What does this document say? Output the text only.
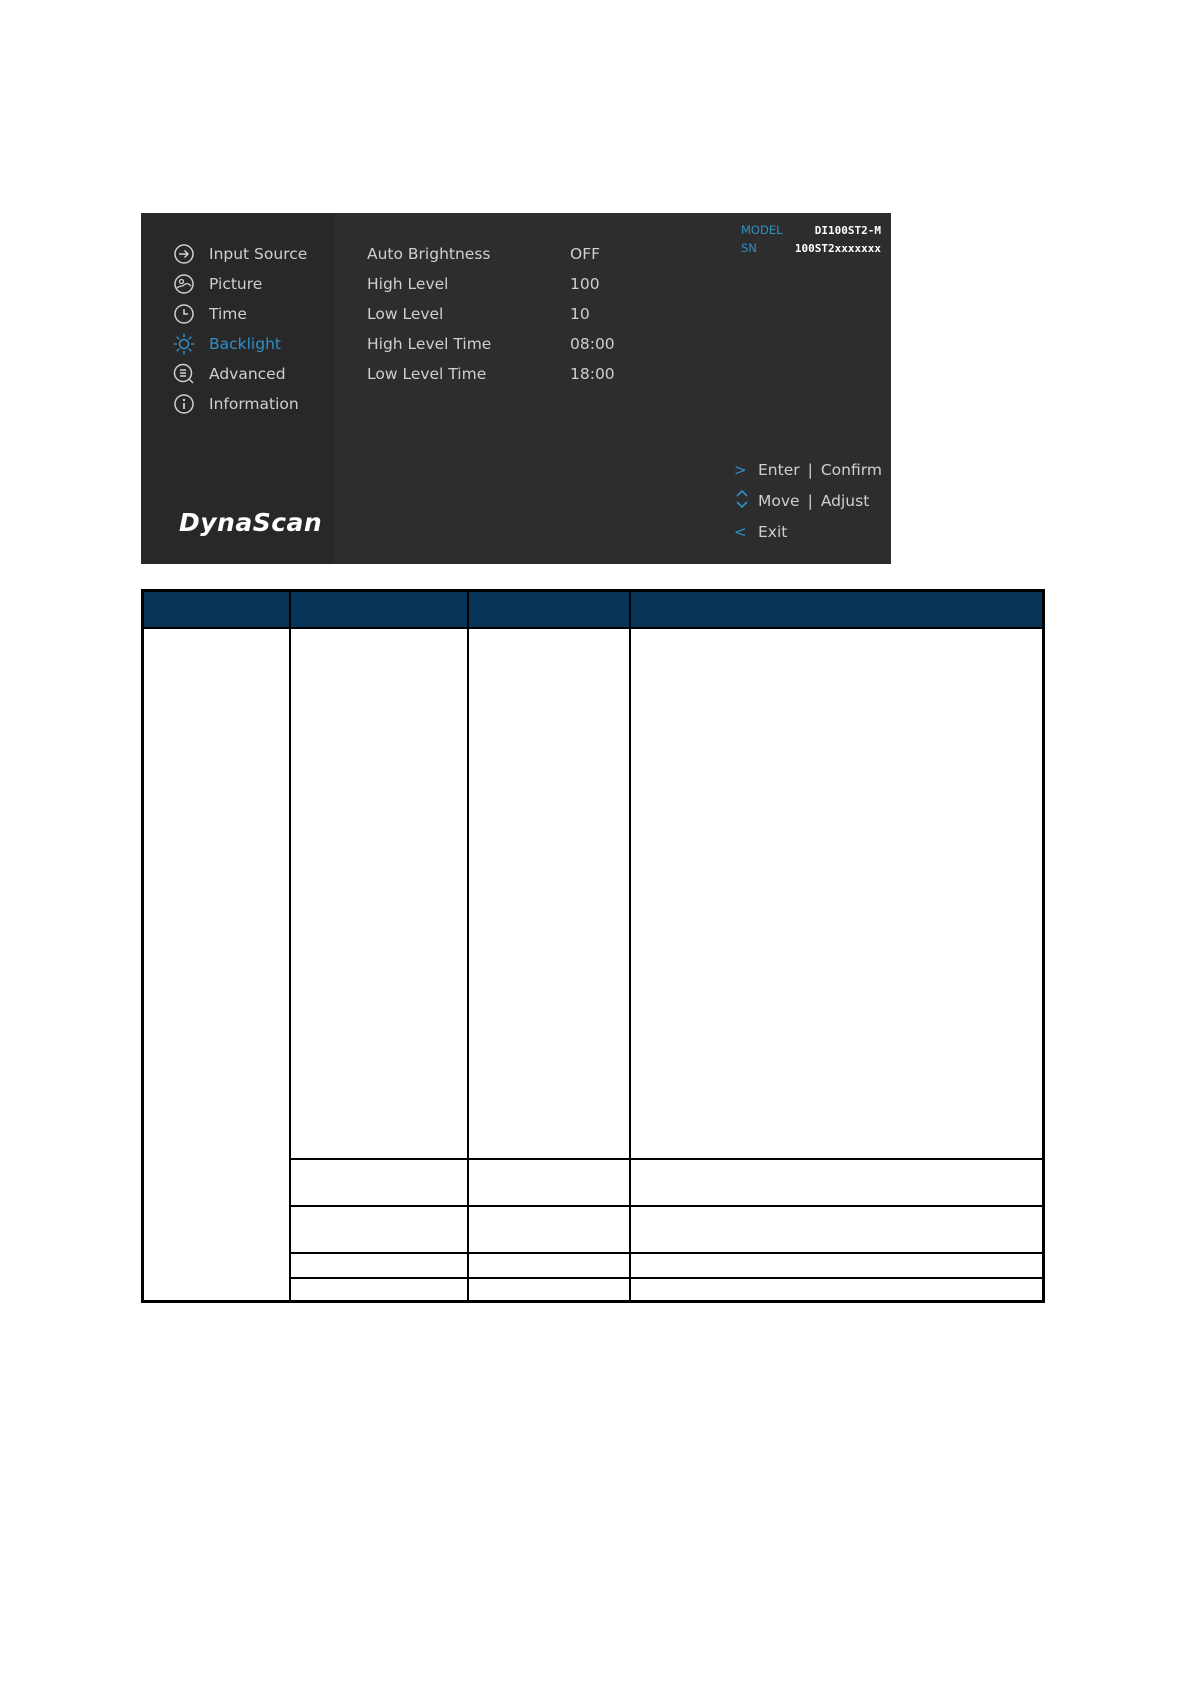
Input Source
Picture
Time
Backlight
Advanced
Information
DynaScan
Auto Brightness	OFF
High Level	100
Low Level	10
High Level Time	08:00
Low Level Time	18:00
MODEL	DI100ST2-M
SN	100ST2xxxxxxx
> Enter | Confirm
Move | Adjust
< Exit
